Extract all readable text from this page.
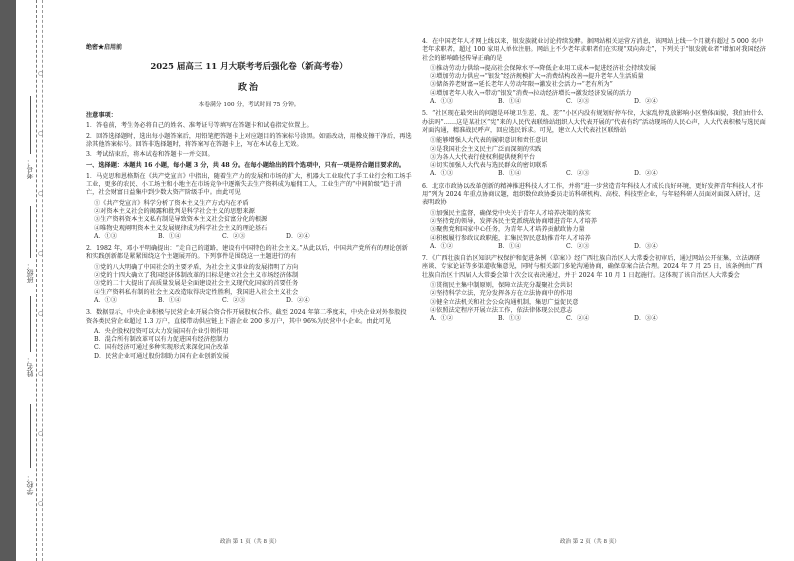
学校：
姓名：
班级：
考号：
○
○
○
○
○
○
○
○
绝密★启用前
2025 届高三 11 月大联考考后强化卷（新高考卷）
政治
本卷满分 100 分，考试时间 75 分钟。

注意事项：

1．答卷前，考生务必将自己的姓名、准考证号等填写在答题卡和试卷指定位置上。

2．回答选择题时，选出每小题答案后，用铅笔把答题卡上对应题目的答案标号涂黑。如需改动，用橡皮擦干净后，再选涂其他答案标号。回答非选择题时，将答案写在答题卡上，写在本试卷上无效。

3．考试结束后，将本试卷和答题卡一并交回。

一、选择题：本题共 16 小题，每小题 3 分，共 48 分。在每小题给出的四个选项中，只有一项是符合题目要求的。

1．马克思和恩格斯在《共产党宣言》中指出，随着生产力的发展和市场的扩大，机器大工业取代了手工业行会和工场手工业，更多的农民、小工场主和小地主在市场竞争中逐渐失去生产资料成为雇佣工人，工业生产的“中间阶级”趋于消亡，社会财富日益集中到少数大资产阶级手中。由此可见

①《共产党宣言》科学分析了资本主义生产方式内在矛盾

②对资本主义社会的揭露和批判是科学社会主义的思想来源

③生产资料资本主义私有制是导致资本主义社会贫富分化的根源

④唯物史观阐明资本主义发展规律成为科学社会主义的理论基石

A．①③	B．①④	C．②③	D．②④

2．1982 年，邓小平明确提出：“走自己的道路，建设有中国特色的社会主义。”从此以后，中国共产党所有的理论创新和实践创新都是紧紧围绕这个主题展开的。下列事件是围绕这一主题进行的有

①党的八大明确了中国社会的主要矛盾，为社会主义事业的发展指明了方向

②党的十四大确立了我国经济体制改革的目标是建立社会主义市场经济体制

③党的二十大提出了高质量发展是全面建设社会主义现代化国家的首要任务

④生产资料私有制的社会主义改造取得决定性胜利，我国进入社会主义社会

A．①③	B．①④	C．②③	D．②④

3．数据显示，中央企业积极与民营企业开展合资合作开展股权合作。截至 2024 年第二季度末，中央企业对外参股投资各类民营企业超过 1.3 万户，直接带动供应链上下游企业 200 多万户，其中 96%为民营中小企业。由此可见

A．央企股权投资可以大力发展国有企业引领作用

B．混合所有制改革可以有力促进国有经济控制力

C．国有经济可通过多种实现形式来深化国企改革

D．民营企业可通过股份制助力国有企业创新发展

4．在中国老年人才网上线以来，银发族就业讨论持续发酵。据网站相关运营方消息，该网站上线一个月就有超过 5 000 名中老年求职者，超过 100 家用人单位注册。网站上不少老年求职者们在实现“双向奔走”，下列关于“银发就业者”增加对我国经济社会的影响路径传导正确的是

①推动劳动力供给→提高社会保障水平→降低企业用工成本→促进经济社会持续发展

②增加劳动力供应→“银发”经济规模扩大→消费结构改善→提升老年人生活质量

③储备养老财富→延长老年人劳动年限→激发社会活力→“老有所为”

④增加老年人收入→带动“银发”消费→拉动经济增长→激发经济发展的活力

A．①③	B．①④	C．②③	D．②④

5．“社区现在最突出的问题是环境卫生差、乱、差”“小区内没有规划好停车位，大家乱停乱放影响小区整体面貌，我们由什么办法吗”……这是某社区“宪”来的人民代表联络站组织人大代表开展的“代表有约”活动现场的人民心声，人大代表积极与选民面对面沟通，精准战民呼声，回应选民诉求。可见，建立人大代表社区联络站

①能够增强人大代表的履职意识和责任意识

②是我国社会主义民主广泛而深刻的实践

③为各人大代表行使权利提供便利平台

④切实加强人大代表与选民群众的密切联系

A．①③	B．①④	C．②③	D．②④

6．北京市政协以改革创新的精神推进科技人才工作，并将“进一步营造青年科技人才成长良好环境，更好发挥青年科技人才作用”列为 2024 年重点协商议题，组织数位政协委员走访科研机构、高校、科技型企业，与年轻科研人员面对面深入研讨，这表明政协

①加强民主监督，确保党中央关于青年人才培养决策的落实

②坚持党的领导，发挥各民主党派统战协商增进青年人才培养

③聚焦党和国家中心任务，为青年人才培养贡献政协力量

④积极履行参政议政职能，汇集民智民意助推青年人才培养

A．①②	B．①④	C．②③	D．③④

7．《广西壮族自治区知识产权保护和促进条例（草案）》经广西壮族自治区人大常委会初审后，通过网站公开征集，立法调研座谈、专家论证等多渠道收集意见，同时与相关部门多轮沟通协商，确保草案合法合理。2024 年 7 月 25 日，该条例由广西壮族自治区十四届人大常委会第十次会议表决通过，并于 2024 年 10 月 1 日起施行。这体现了该自治区人大常委会

①贯彻民主集中制原则，保障立法充分凝聚社会共识

②坚持科学立法，充分发挥各方在立法协商中的作用

③健全立法机关和社会公众沟通机制，集思广益促民意

④依照法定程序开展立法工作，依法律体现公民意志

A．①②	B．①③	C．②④	D．③④
政治 第 1 页（共 8 页）	政治 第 2 页（共 8 页）
